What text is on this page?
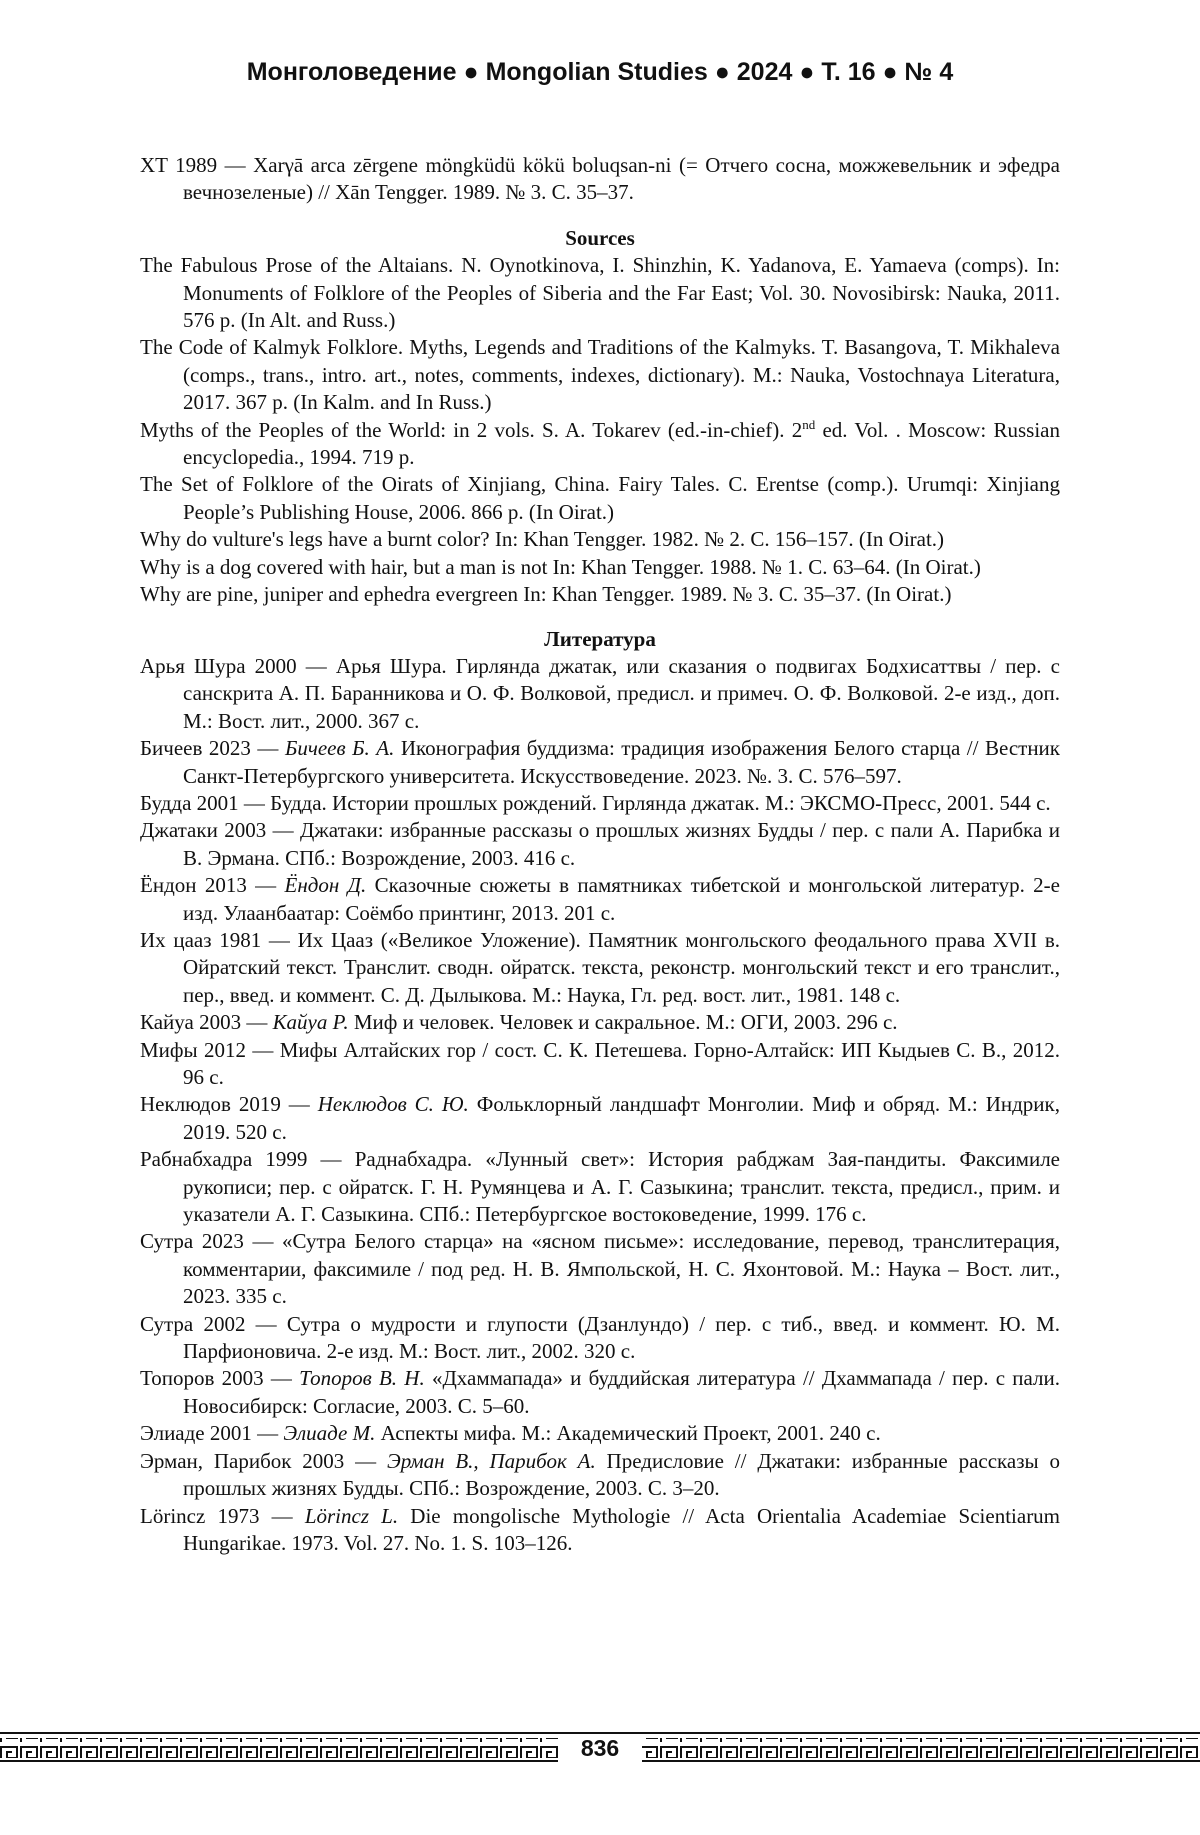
Монголоведение ● Mongolian Studies ● 2024 ● Т. 16 ● № 4

XT 1989 — Xarγā arca zērgene möngküdü kökü boluqsan-ni (= Отчего сосна, можжевельник и эфедра вечнозеленые) // Xān Tengger. 1989. № 3. С. 35–37.

Sources

The Fabulous Prose of the Altaians. N. Oynotkinova, I. Shinzhin, K. Yadanova, E. Yamaeva (comps). In: Monuments of Folklore of the Peoples of Siberia and the Far East; Vol. 30. Novosibirsk: Nauka, 2011. 576 p. (In Alt. and Russ.)

The Code of Kalmyk Folklore. Myths, Legends and Traditions of the Kalmyks. T. Basangova, T. Mikhaleva (comps., trans., intro. art., notes, comments, indexes, dictionary). M.: Nauka, Vostochnaya Literatura, 2017. 367 p. (In Kalm. and In Russ.)

Myths of the Peoples of the World: in 2 vols. S. A. Tokarev (ed.-in-chief). 2nd ed. Vol. . Moscow: Russian encyclopedia., 1994. 719 p.

The Set of Folklore of the Oirats of Xinjiang, China. Fairy Tales. C. Erentse (comp.). Urumqi: Xinjiang People’s Publishing House, 2006. 866 p. (In Oirat.)

Why do vulture's legs have a burnt color? In: Khan Tengger. 1982. № 2. С. 156–157. (In Oirat.)

Why is a dog covered with hair, but a man is not In: Khan Tengger. 1988. № 1. С. 63–64. (In Oirat.)

Why are pine, juniper and ephedra evergreen In: Khan Tengger. 1989. № 3. С. 35–37. (In Oirat.)

Литература

Арья Шура 2000 — Арья Шура. Гирлянда джатак, или сказания о подвигах Бодхисаттвы / пер. с санскрита А. П. Баранникова и О. Ф. Волковой, предисл. и примеч. О. Ф. Волковой. 2-е изд., доп. М.: Вост. лит., 2000. 367 с.

Бичеев 2023 — Бичеев Б. А. Иконография буддизма: традиция изображения Белого старца // Вестник Санкт-Петербургского университета. Искусствоведение. 2023. №. 3. С. 576–597.

Будда 2001 — Будда. Истории прошлых рождений. Гирлянда джатак. М.: ЭКСМО-Пресс, 2001. 544 с.

Джатаки 2003 — Джатаки: избранные рассказы о прошлых жизнях Будды / пер. с пали А. Парибка и В. Эрмана. СПб.: Возрождение, 2003. 416 с.

Ёндон 2013 — Ёндон Д. Сказочные сюжеты в памятниках тибетской и монгольской литератур. 2-е изд. Улаанбаатар: Соёмбо принтинг, 2013. 201 с.

Их цааз 1981 — Их Цааз («Великое Уложение). Памятник монгольского феодального права XVII в. Ойратский текст. Транслит. сводн. ойратск. текста, реконстр. монгольский текст и его транслит., пер., введ. и коммент. С. Д. Дылыкова. М.: Наука, Гл. ред. вост. лит., 1981. 148 с.

Кайуа 2003 — Кайуа Р. Миф и человек. Человек и сакральное. М.: ОГИ, 2003. 296 с.

Мифы 2012 — Мифы Алтайских гор / сост. С. К. Петешева. Горно-Алтайск: ИП Кыдыев С. В., 2012. 96 с.

Неклюдов 2019 — Неклюдов С. Ю. Фольклорный ландшафт Монголии. Миф и обряд. М.: Индрик, 2019. 520 с.

Рабнабхадра 1999 — Раднабхадра. «Лунный свет»: История рабджам Зая-пандиты. Факсимиле рукописи; пер. с ойратск. Г. Н. Румянцева и А. Г. Сазыкина; транслит. текста, предисл., прим. и указатели А. Г. Сазыкина. СПб.: Петербургское востоковедение, 1999. 176 с.

Сутра 2023 — «Сутра Белого старца» на «ясном письме»: исследование, перевод, транслитерация, комментарии, факсимиле / под ред. Н. В. Ямпольской, Н. С. Яхонтовой. М.: Наука – Вост. лит., 2023. 335 с.

Сутра 2002 — Сутра о мудрости и глупости (Дзанлундо) / пер. с тиб., введ. и коммент. Ю. М. Парфионовича. 2-е изд. М.: Вост. лит., 2002. 320 с.

Топоров 2003 — Топоров В. Н. «Дхаммапада» и буддийская литература // Дхаммапада / пер. с пали. Новосибирск: Согласие, 2003. С. 5–60.

Элиаде 2001 — Элиаде М. Аспекты мифа. М.: Академический Проект, 2001. 240 с.

Эрман, Парибок 2003 — Эрман В., Парибок А. Предисловие // Джатаки: избранные рассказы о прошлых жизнях Будды. СПб.: Возрождение, 2003. С. 3–20.

Lörincz 1973 — Lörincz L. Die mongolische Mythologie // Acta Orientalia Academiae Scientiarum Hungarikae. 1973. Vol. 27. No. 1. S. 103–126.

836
